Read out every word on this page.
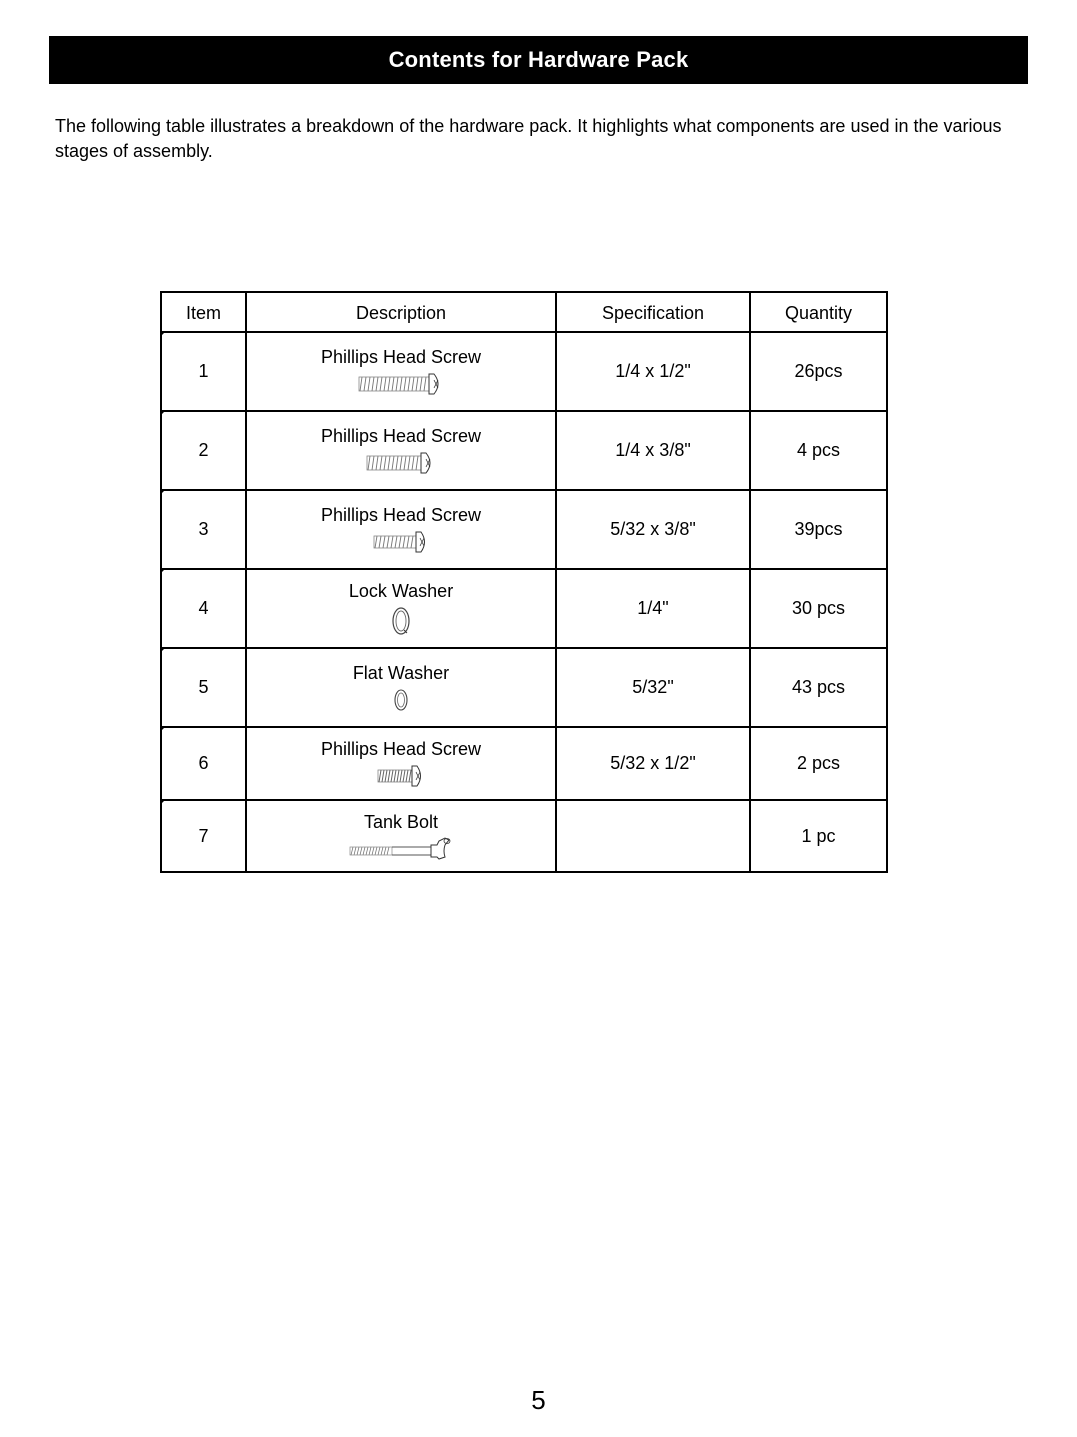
Contents for Hardware Pack
The following table illustrates a breakdown of the hardware pack. It highlights what components are used in the various stages of assembly.
Item	Description	Specification	Quantity

1	Phillips Head Screw	1/4 x 1/2"	26pcs

2	Phillips Head Screw	1/4 x 3/8"	4 pcs

3	Phillips Head Screw	5/32 x 3/8"	39pcs

4	Lock Washer	1/4"	30 pcs

5	Flat Washer	5/32"	43 pcs

6	Phillips Head Screw	5/32 x 1/2"	2 pcs

7	Tank Bolt		1 pc
5
